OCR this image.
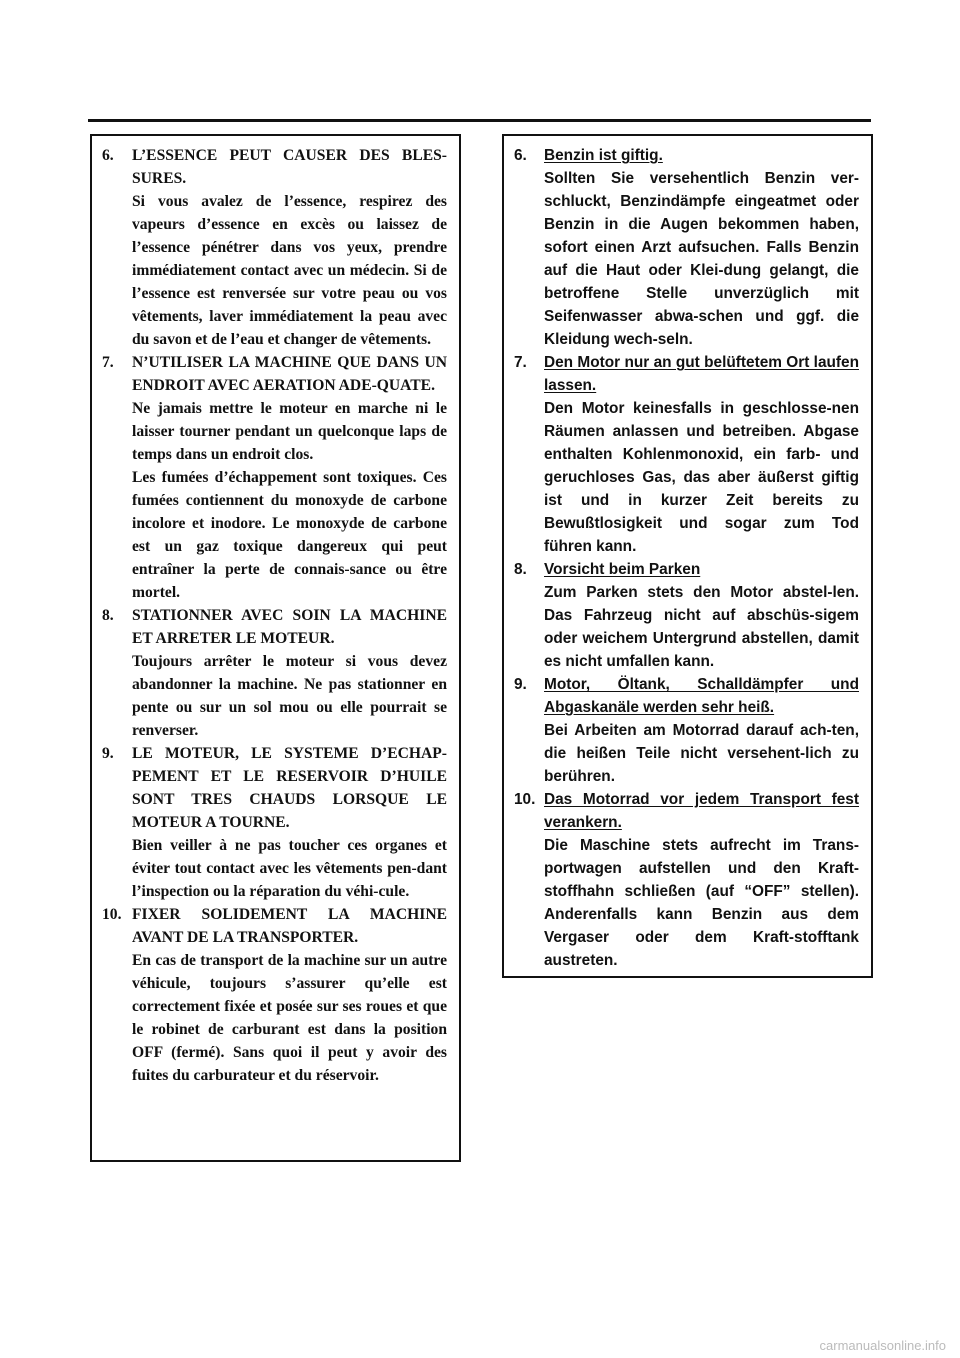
6. L’ESSENCE PEUT CAUSER DES BLES-SURES.
Si vous avalez de l’essence, respirez des vapeurs d’essence en excès ou laissez de l’essence pénétrer dans vos yeux, prendre immédiatement contact avec un médecin. Si de l’essence est renversée sur votre peau ou vos vêtements, laver immédiatement la peau avec du savon et de l’eau et changer de vêtements.
7. N’UTILISER LA MACHINE QUE DANS UN ENDROIT AVEC AERATION ADE-QUATE.
Ne jamais mettre le moteur en marche ni le laisser tourner pendant un quelconque laps de temps dans un endroit clos.
Les fumées d’échappement sont toxiques. Ces fumées contiennent du monoxyde de carbone incolore et inodore. Le monoxyde de carbone est un gaz toxique dangereux qui peut entraîner la perte de connais-sance ou être mortel.
8. STATIONNER AVEC SOIN LA MACHINE ET ARRETER LE MOTEUR.
Toujours arrêter le moteur si vous devez abandonner la machine. Ne pas stationner en pente ou sur un sol mou ou elle pourrait se renverser.
9. LE MOTEUR, LE SYSTEME D’ECHAP-PEMENT ET LE RESERVOIR D’HUILE SONT TRES CHAUDS LORSQUE LE MOTEUR A TOURNE.
Bien veiller à ne pas toucher ces organes et éviter tout contact avec les vêtements pen-dant l’inspection ou la réparation du véhi-cule.
10. FIXER SOLIDEMENT LA MACHINE AVANT DE LA TRANSPORTER.
En cas de transport de la machine sur un autre véhicule, toujours s’assurer qu’elle est correctement fixée et posée sur ses roues et que le robinet de carburant est dans la position OFF (fermé). Sans quoi il peut y avoir des fuites du carburateur et du réservoir.
6. Benzin ist giftig.
Sollten Sie versehentlich Benzin ver-schluckt, Benzindämpfe eingeatmet oder Benzin in die Augen bekommen haben, sofort einen Arzt aufsuchen. Falls Benzin auf die Haut oder Klei-dung gelangt, die betroffene Stelle unverzüglich mit Seifenwasser abwa-schen und ggf. die Kleidung wech-seln.
7. Den Motor nur an gut belüftetem Ort laufen lassen.
Den Motor keinesfalls in geschlosse-nen Räumen anlassen und betreiben. Abgase enthalten Kohlenmonoxid, ein farb- und geruchloses Gas, das aber äußerst giftig ist und in kurzer Zeit bereits zu Bewußtlosigkeit und sogar zum Tod führen kann.
8. Vorsicht beim Parken
Zum Parken stets den Motor abstel-len. Das Fahrzeug nicht auf abschüs-sigem oder weichem Untergrund abstellen, damit es nicht umfallen kann.
9. Motor, Öltank, Schalldämpfer und Abgaskanäle werden sehr heiß.
Bei Arbeiten am Motorrad darauf ach-ten, die heißen Teile nicht versehent-lich zu berühren.
10. Das Motorrad vor jedem Transport fest verankern.
Die Maschine stets aufrecht im Trans-portwagen aufstellen und den Kraft-stoffhahn schließen (auf “OFF” stellen). Anderenfalls kann Benzin aus dem Vergaser oder dem Kraft-stofftank austreten.
carmanualsonline.info
